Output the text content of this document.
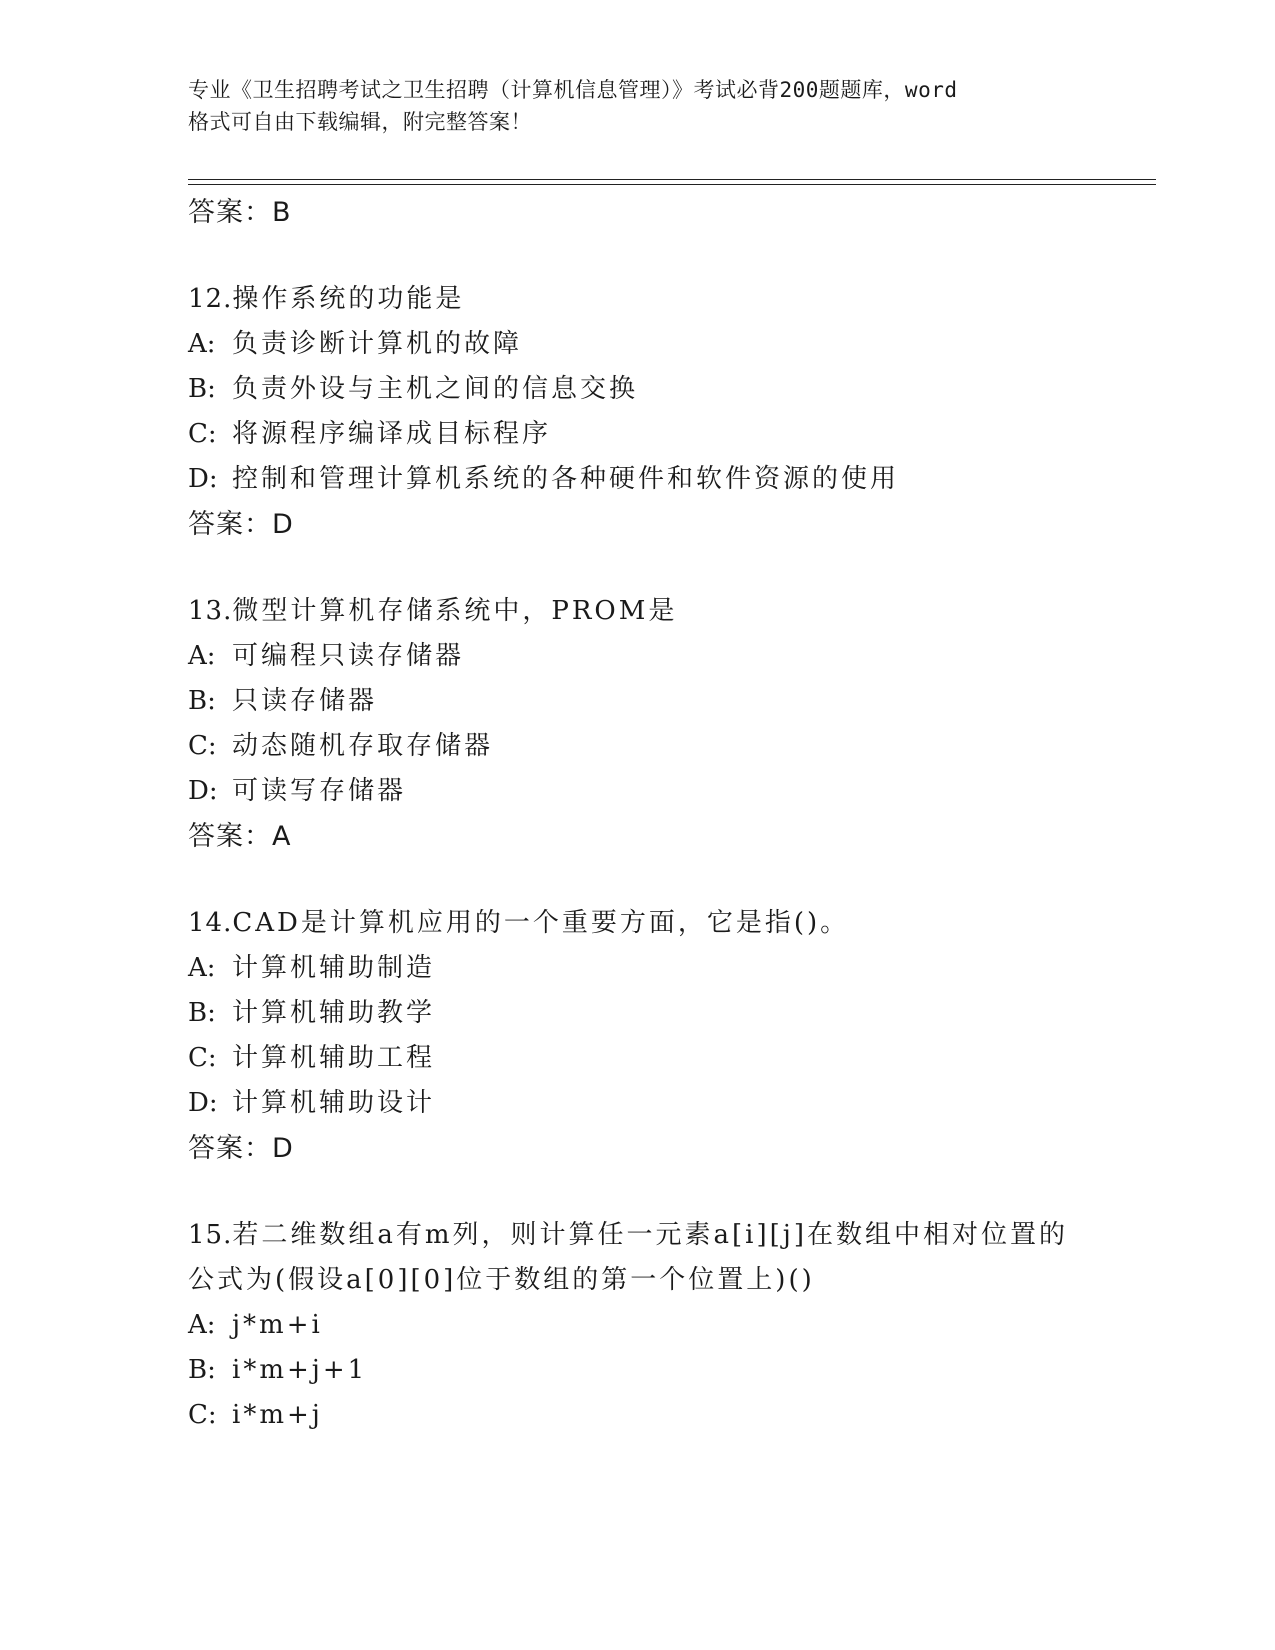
专业《卫生招聘考试之卫生招聘（计算机信息管理）》考试必背200题题库，word
格式可自由下载编辑，附完整答案！
答案：B
12.操作系统的功能是
A: 负责诊断计算机的故障
B: 负责外设与主机之间的信息交换
C: 将源程序编译成目标程序
D: 控制和管理计算机系统的各种硬件和软件资源的使用
答案：D
13.微型计算机存储系统中，PROM是
A: 可编程只读存储器
B: 只读存储器
C: 动态随机存取存储器
D: 可读写存储器
答案：A
14.CAD是计算机应用的一个重要方面，它是指()。
A: 计算机辅助制造
B: 计算机辅助教学
C: 计算机辅助工程
D: 计算机辅助设计
答案：D
15.若二维数组a有m列，则计算任一元素a[i][j]在数组中相对位置的公式为(假设a[0][0]位于数组的第一个位置上)()
A: j*m+i
B: i*m+j+1
C: i*m+j
